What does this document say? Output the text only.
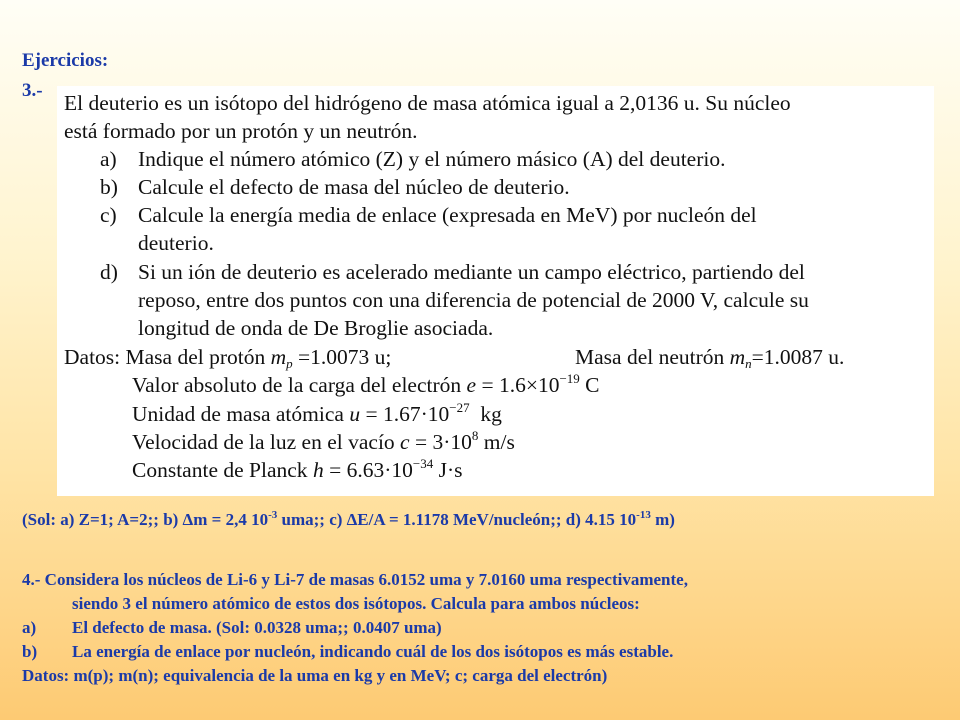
Ejercicios:
3.-
El deuterio es un isótopo del hidrógeno de masa atómica igual a 2,0136 u. Su núcleo
está formado por un protón y un neutrón.
a) Indique el número atómico (Z) y el número másico (A) del deuterio.
b) Calcule el defecto de masa del núcleo de deuterio.
c) Calcule la energía media de enlace (expresada en MeV) por nucleón del
deuterio.
d) Si un ión de deuterio es acelerado mediante un campo eléctrico, partiendo del
reposo, entre dos puntos con una diferencia de potencial de 2000 V, calcule su
longitud de onda de De Broglie asociada.
Datos: Masa del protón $m_p =1.0073$ u;	Masa del neutrón $m_n=1.0087$ u.
Valor absoluto de la carga del electrón $e = 1.6\times 10^{-19}$ C
Unidad de masa atómica $u = 1.67\cdot 10^{-27}$  kg
Velocidad de la luz en el vacío $c = 3\cdot 10^8$ m/s
Constante de Planck $h = 6.63\cdot 10^{-34}$ J·s
(Sol: a) Z=1; A=2;; b) Δm = 2,4 $10^{-3}$ uma;; c) ΔE/A = 1.1178 MeV/nucleón;; d) 4.15 $10^{-13}$ m)
4.- Considera los núcleos de Li-6 y Li-7 de masas 6.0152 uma y 7.0160 uma respectivamente,
siendo 3 el número atómico de estos dos isótopos. Calcula para ambos núcleos:
a) El defecto de masa. (Sol: 0.0328 uma;; 0.0407 uma)
b) La energía de enlace por nucleón, indicando cuál de los dos isótopos es más estable.
Datos: m(p); m(n); equivalencia de la uma en kg y en MeV; c; carga del electrón)
